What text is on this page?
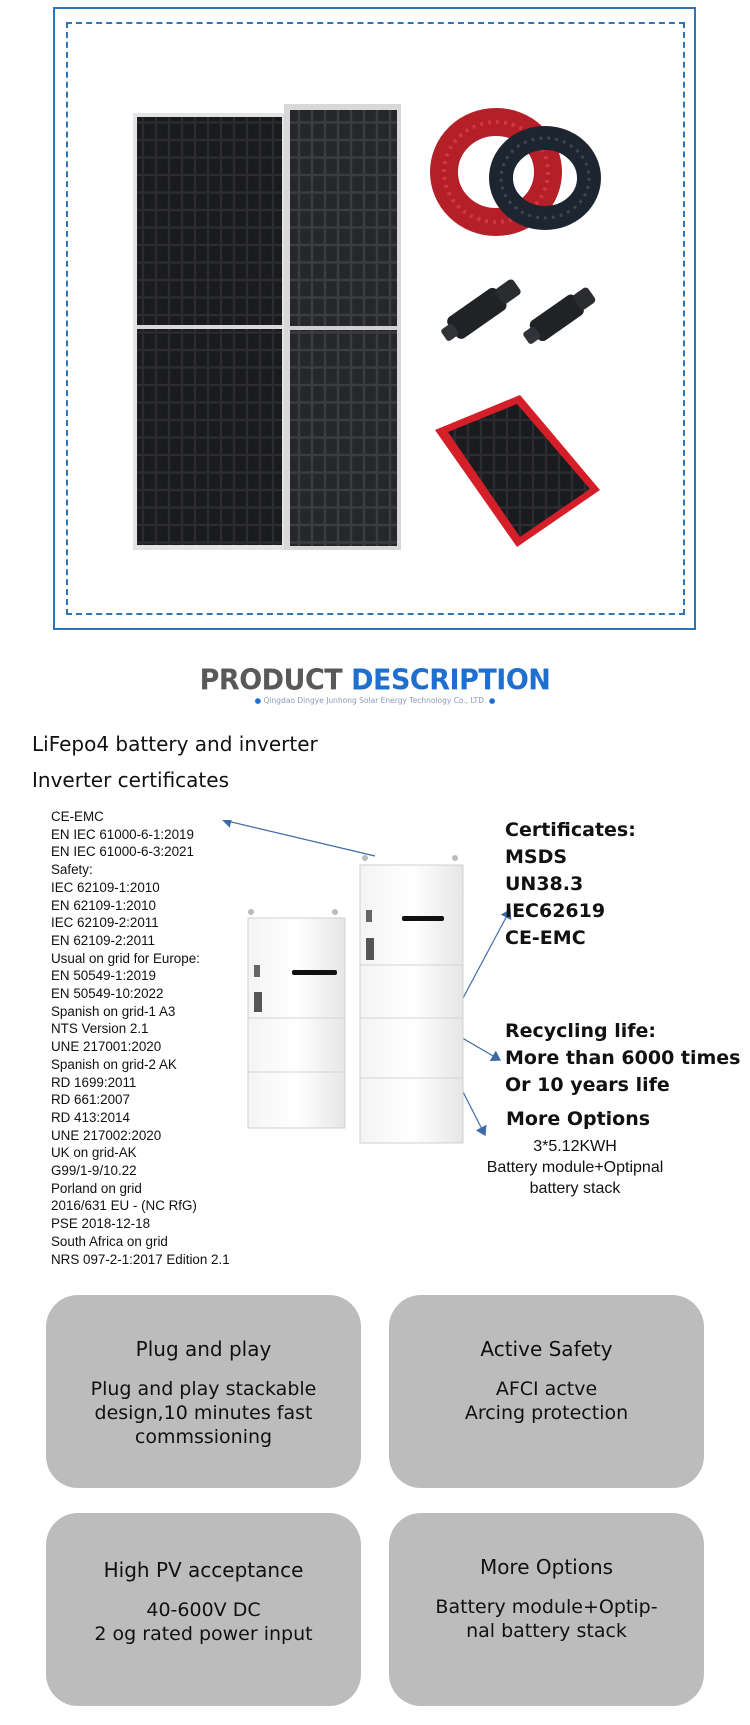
PRODUCT DESCRIPTION
● Qingdao Dingye Junhong Solar Energy Technology Co., LTD. ●
LiFepo4 battery and inverter
Inverter certificates
CE-EMC
EN IEC 61000-6-1:2019
EN IEC 61000-6-3:2021
Safety:
IEC 62109-1:2010
EN 62109-1:2010
IEC 62109-2:2011
EN 62109-2:2011
Usual on grid for Europe:
EN 50549-1:2019
EN 50549-10:2022
Spanish on grid-1 A3
NTS Version 2.1
UNE 217001:2020
Spanish on grid-2 AK
RD 1699:2011
RD 661:2007
RD 413:2014
UNE 217002:2020
UK on grid-AK
G99/1-9/10.22
Porland on grid
2016/631 EU - (NC RfG)
PSE 2018-12-18
South Africa on grid
NRS 097-2-1:2017 Edition 2.1
Certificates:
MSDS
UN38.3
IEC62619
CE-EMC
Recycling life:
More than 6000 times
Or 10 years life
More Options
3*5.12KWH
Battery module+Optipnal
battery stack
Plug and play
Plug and play stackable
design,10 minutes fast
commssioning
Active Safety
AFCI actve
Arcing protection
High PV acceptance
40-600V DC
2 og rated power input
More Options
Battery module+Optip-
nal battery stack
